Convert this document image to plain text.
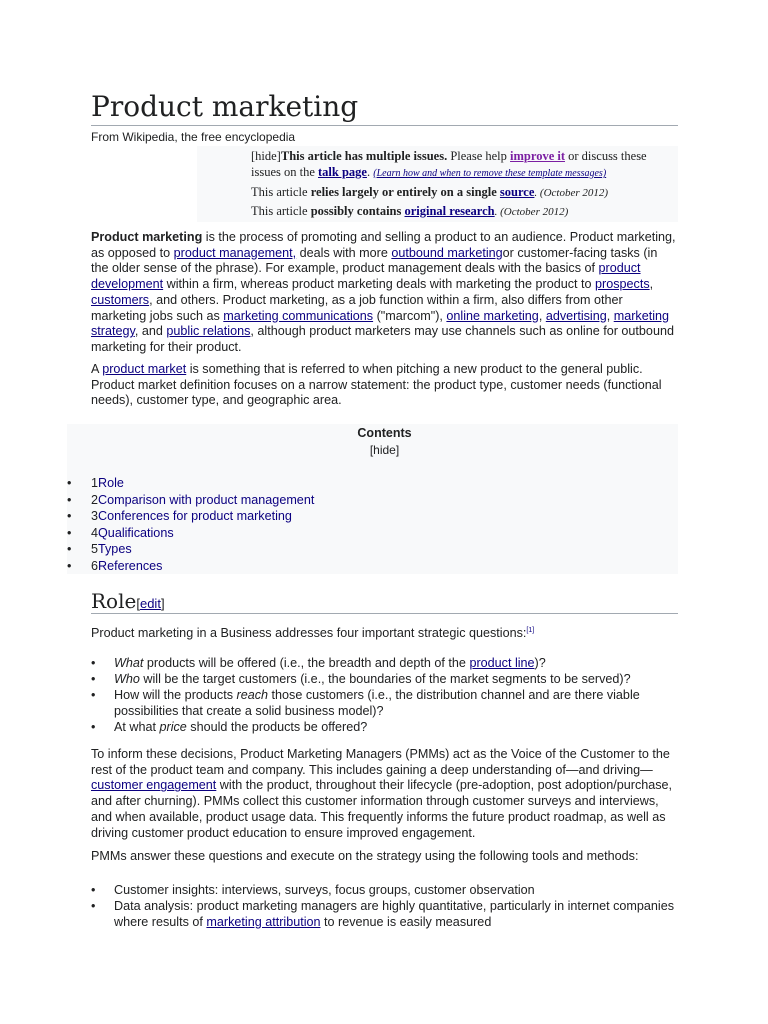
Product marketing
From Wikipedia, the free encyclopedia
[hide]This article has multiple issues. Please help improve it or discuss these issues on the talk page. (Learn how and when to remove these template messages)
This article relies largely or entirely on a single source. (October 2012)
This article possibly contains original research. (October 2012)

Product marketing is the process of promoting and selling a product to an audience. Product marketing, as opposed to product management, deals with more outbound marketingor customer-facing tasks (in the older sense of the phrase). For example, product management deals with the basics of product development within a firm, whereas product marketing deals with marketing the product to prospects, customers, and others. Product marketing, as a job function within a firm, also differs from other marketing jobs such as marketing communications ("marcom"), online marketing, advertising, marketing strategy, and public relations, although product marketers may use channels such as online for outbound marketing for their product.

A product market is something that is referred to when pitching a new product to the general public. Product market definition focuses on a narrow statement: the product type, customer needs (functional needs), customer type, and geographic area.

Contents
[hide]
• 1Role
• 2Comparison with product management
• 3Conferences for product marketing
• 4Qualifications
• 5Types
• 6References
Role[edit]

Product marketing in a Business addresses four important strategic questions:[1]

• What products will be offered (i.e., the breadth and depth of the product line)?
• Who will be the target customers (i.e., the boundaries of the market segments to be served)?
• How will the products reach those customers (i.e., the distribution channel and are there viable possibilities that create a solid business model)?
• At what price should the products be offered?

To inform these decisions, Product Marketing Managers (PMMs) act as the Voice of the Customer to the rest of the product team and company. This includes gaining a deep understanding of—and driving—customer engagement with the product, throughout their lifecycle (pre-adoption, post adoption/purchase, and after churning). PMMs collect this customer information through customer surveys and interviews, and when available, product usage data. This frequently informs the future product roadmap, as well as driving customer product education to ensure improved engagement.

PMMs answer these questions and execute on the strategy using the following tools and methods:

• Customer insights: interviews, surveys, focus groups, customer observation
• Data analysis: product marketing managers are highly quantitative, particularly in internet companies where results of marketing attribution to revenue is easily measured
